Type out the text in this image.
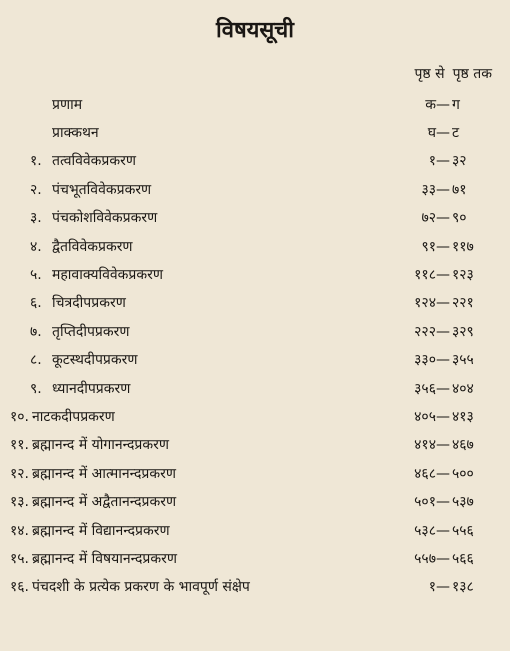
विषयसूची
पृष्ठ से पृष्ठ तक
प्रणाम	क— ग
प्राक्कथन	घ— ट
१. तत्वविवेकप्रकरण	१— ३२
२. पंचभूतविवेकप्रकरण	३३— ७१
३. पंचकोशविवेकप्रकरण	७२— ९०
४. द्वैतविवेकप्रकरण	९१— ११७
५. महावाक्यविवेकप्रकरण	११८— १२३
६. चित्रदीपप्रकरण	१२४— २२१
७. तृप्तिदीपप्रकरण	२२२— ३२९
८. कूटस्थदीपप्रकरण	३३०— ३५५
९. ध्यानदीपप्रकरण	३५६— ४०४
१०. नाटकदीपप्रकरण	४०५— ४१३
११. ब्रह्मानन्द में योगानन्दप्रकरण	४१४— ४६७
१२. ब्रह्मानन्द में आत्मानन्दप्रकरण	४६८— ५००
१३. ब्रह्मानन्द में अद्वैतानन्दप्रकरण	५०१— ५३७
१४. ब्रह्मानन्द में विद्यानन्दप्रकरण	५३८— ५५६
१५. ब्रह्मानन्द में विषयानन्दप्रकरण	५५७— ५६६
१६. पंचदशी के प्रत्येक प्रकरण के भावपूर्ण संक्षेप	१— १३८
